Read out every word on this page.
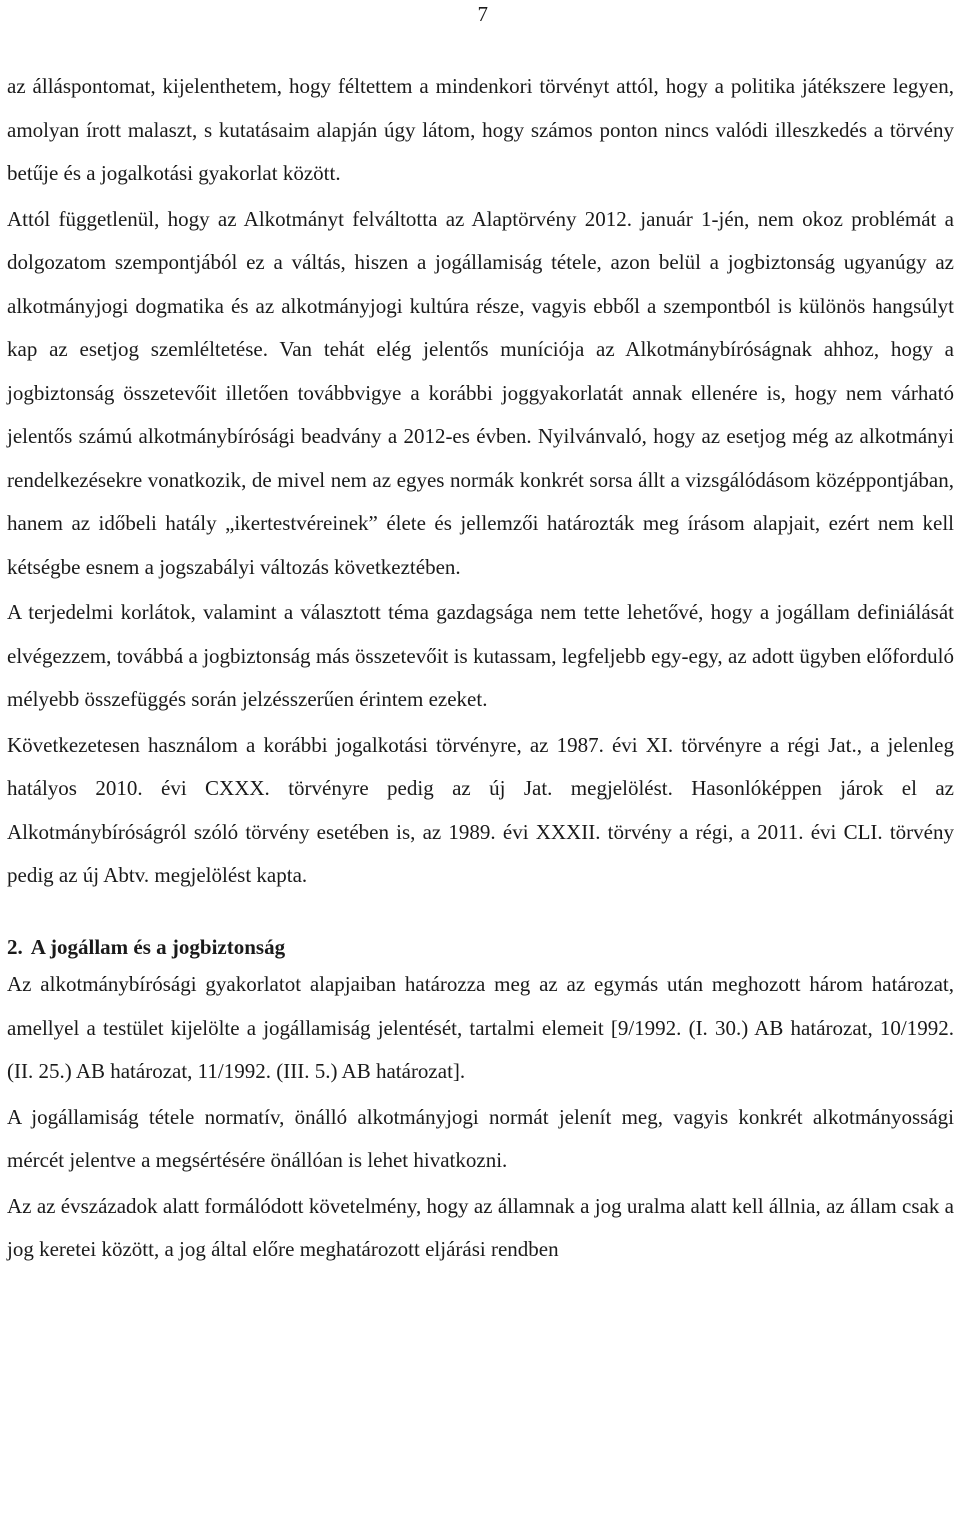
7

az álláspontomat, kijelenthetem, hogy féltettem a mindenkori törvényt attól, hogy a politika játékszere legyen, amolyan írott malaszt, s kutatásaim alapján úgy látom, hogy számos ponton nincs valódi illeszkedés a törvény betűje és a jogalkotási gyakorlat között.

Attól függetlenül, hogy az Alkotmányt felváltotta az Alaptörvény 2012. január 1-jén, nem okoz problémát a dolgozatom szempontjából ez a váltás, hiszen a jogállamiság tétele, azon belül a jogbiztonság ugyanúgy az alkotmányjogi dogmatika és az alkotmányjogi kultúra része, vagyis ebből a szempontból is különös hangsúlyt kap az esetjog szemléltetése. Van tehát elég jelentős muníciója az Alkotmánybíróságnak ahhoz, hogy a jogbiztonság összetevőit illetően továbbvigye a korábbi joggyakorlatát annak ellenére is, hogy nem várható jelentős számú alkotmánybírósági beadvány a 2012-es évben. Nyilvánvaló, hogy az esetjog még az alkotmányi rendelkezésekre vonatkozik, de mivel nem az egyes normák konkrét sorsa állt a vizsgálódásom középpontjában, hanem az időbeli hatály „ikertestvéreinek” élete és jellemzői határozták meg írásom alapjait, ezért nem kell kétségbe esnem a jogszabályi változás következtében.

A terjedelmi korlátok, valamint a választott téma gazdagsága nem tette lehetővé, hogy a jogállam definiálását elvégezzem, továbbá a jogbiztonság más összetevőit is kutassam, legfeljebb egy-egy, az adott ügyben előforduló mélyebb összefüggés során jelzésszerűen érintem ezeket.

Következetesen használom a korábbi jogalkotási törvényre, az 1987. évi XI. törvényre a régi Jat., a jelenleg hatályos 2010. évi CXXX. törvényre pedig az új Jat. megjelölést. Hasonlóképpen járok el az Alkotmánybíróságról szóló törvény esetében is, az 1989. évi XXXII. törvény a régi, a 2011. évi CLI. törvény pedig az új Abtv. megjelölést kapta.

2. A jogállam és a jogbiztonság

Az alkotmánybírósági gyakorlatot alapjaiban határozza meg az az egymás után meghozott három határozat, amellyel a testület kijelölte a jogállamiság jelentését, tartalmi elemeit [9/1992. (I. 30.) AB határozat, 10/1992. (II. 25.) AB határozat, 11/1992. (III. 5.) AB határozat].

A jogállamiság tétele normatív, önálló alkotmányjogi normát jelenít meg, vagyis konkrét alkotmányossági mércét jelentve a megsértésére önállóan is lehet hivatkozni.

Az az évszázadok alatt formálódott követelmény, hogy az államnak a jog uralma alatt kell állnia, az állam csak a jog keretei között, a jog által előre meghatározott eljárási rendben
